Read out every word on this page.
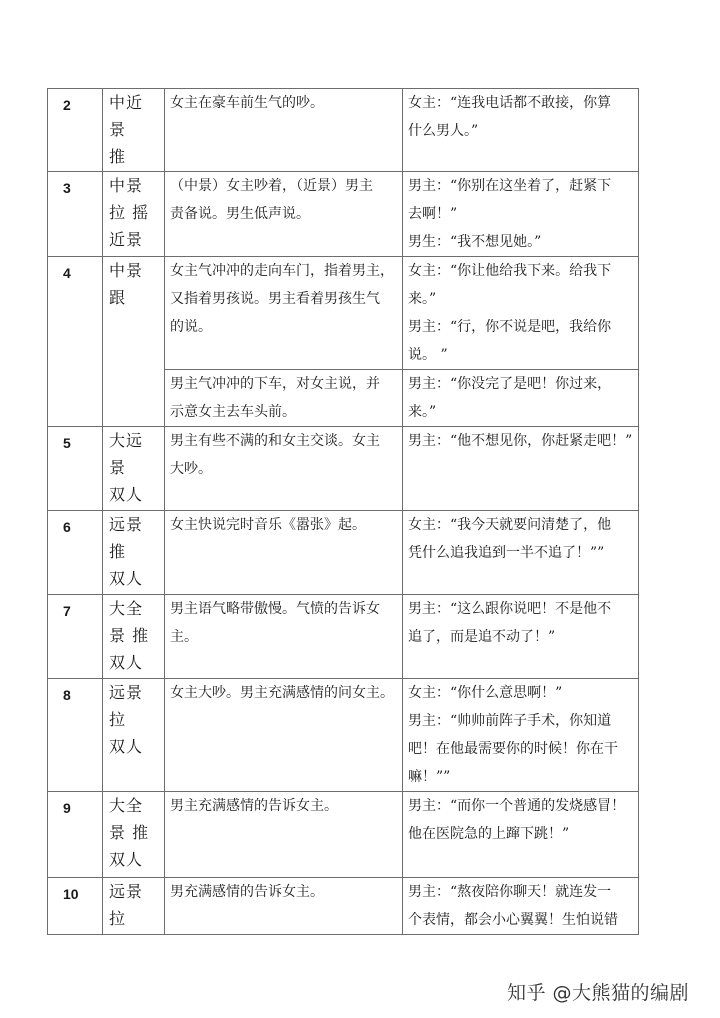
2	中近
景
推	女主在豪车前生气的吵。	女主：“连我电话都不敢接，你算
什么男人。”

3	中景
拉 摇
近景	（中景）女主吵着，（近景）男主
责备说。男生低声说。	男主：“你别在这坐着了，赶紧下
去啊！”
男生：“我不想见她。”

4	中景
跟	女主气冲冲的走向车门，指着男主，
又指着男孩说。男主看着男孩生气
的说。	女主：“你让他给我下来。给我下
来。”
男主：“行，你不说是吧，我给你
说。 ”

		男主气冲冲的下车，对女主说，并
示意女主去车头前。	男主：“你没完了是吧！你过来，
来。”

5	大远
景
双人	男主有些不满的和女主交谈。女主
大吵。	男主：“他不想见你，你赶紧走吧！”

6	远景
推
双人	女主快说完时音乐《嚣张》起。	女主：“我今天就要问清楚了，他
凭什么追我追到一半不追了！””

7	大全
景 推
双人	男主语气略带傲慢。气愤的告诉女
主。	男主：“这么跟你说吧！不是他不
追了，而是追不动了！”

8	远景
拉
双人	女主大吵。男主充满感情的问女主。	女主：“你什么意思啊！”
男主：“帅帅前阵子手术，你知道
吧！在他最需要你的时候！你在干
嘛！””

9	大全
景 推
双人	男主充满感情的告诉女主。	男主：“而你一个普通的发烧感冒！
他在医院急的上蹿下跳！”

10	远景
拉	男充满感情的告诉女主。	男主：“熬夜陪你聊天！就连发一
个表情，都会小心翼翼！生怕说错
知乎 @大熊猫的编剧
